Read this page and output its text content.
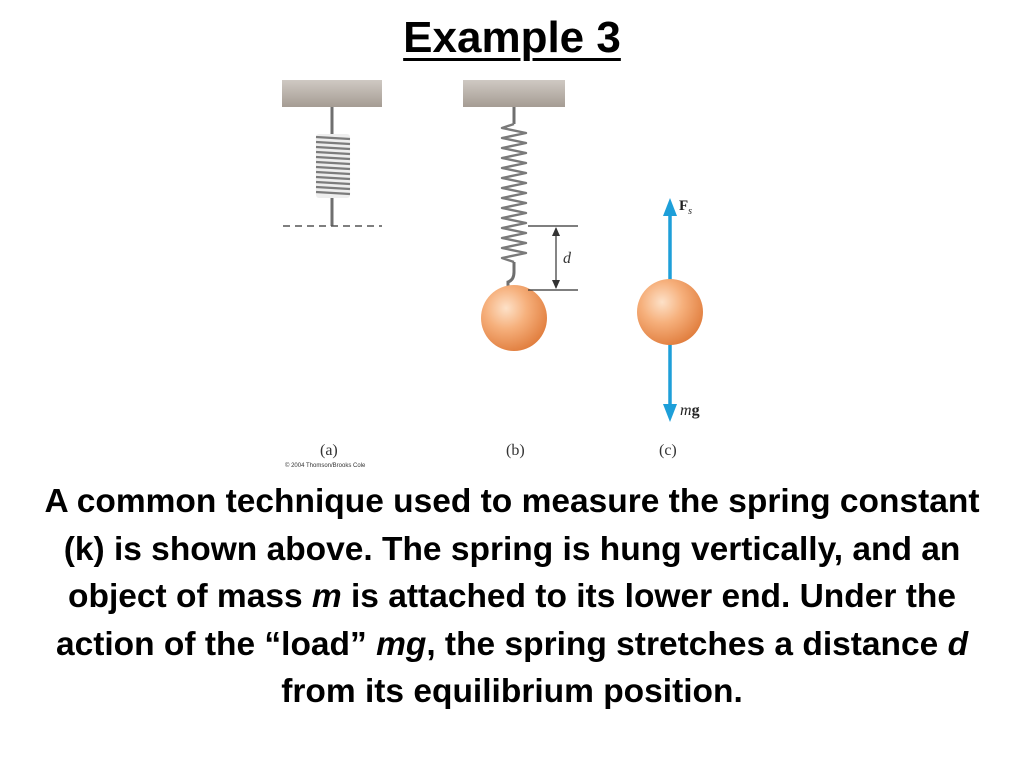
Example 3
(a)
© 2004 Thomson/Brooks Cole
d
(b)
$F_s$
mg
(c)
A common technique used to measure the spring constant (k) is shown above. The spring is hung vertically, and an object of mass m is attached to its lower end. Under the action of the “load” mg, the spring stretches a distance d from its equilibrium position.
